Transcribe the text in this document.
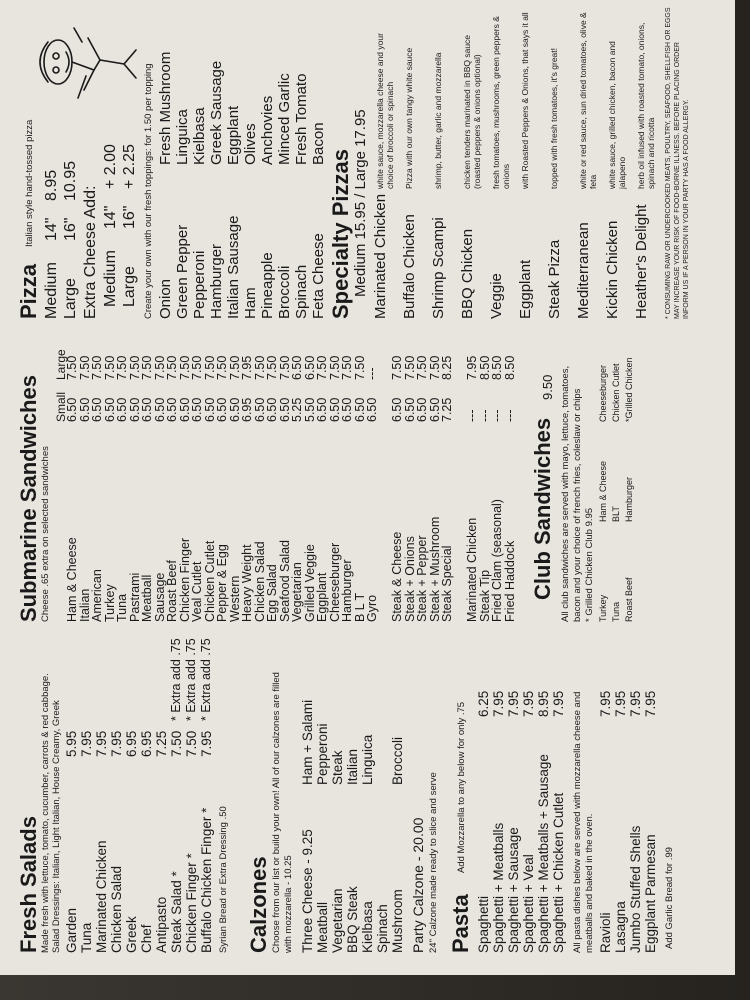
Fresh Salads Made fresh with lettuce, tomato, cucumber, carrots & red cabbage. Salad Dressings: Italian, Light Italian, House Creamy, Greek Garden
5.95
Tuna
7.95
Marinated Chicken
7.95
Chicken Salad
7.95
Greek
6.95
Chef
6.95
Antipasto
7.25
Steak Salad *
7.50
* Extra add .75
Chicken Finger *
7.50
* Extra add .75
Buffalo Chicken Finger *
7.95
* Extra add .75
Syrian Bread or Extra Dressing .50 Calzones Choose from our list or build your own! All of our calzones are filled with mozzarella - 10.25 Three Cheese - 9.25 Meatball Vegetarian BBQ Steak Kielbasa Spinach Mushroom
Ham + Salami Pepperoni Steak Italian Linguica Broccoli
Party Calzone - 20.00 24" Calzone made ready to slice and serve Pasta
Add Mozzarella to any below for only .75
Spaghetti
6.25
Spaghetti + Meatballs
7.95
Spaghetti + Sausage
7.95
Spaghetti + Veal
7.95
Spaghetti + Meatballs + Sausage
8.95
Spaghetti + Chicken Cutlet
7.95 All pasta dishes below are served with mozzarella cheese and meatballs and baked in the oven. Ravioli
7.95
Lasagna
7.95
Jumbo Stuffed Shells
7.95
Eggplant Parmesan
7.95
Add Garlic Bread for .99
Submarine Sandwiches Cheese .65 extra on selected sandwiches
Small
Large
Ham & Cheese
6.50
7.50
Italian
6.50
7.50
American
6.50
7.50
Turkey
6.50
7.50
Tuna
6.50
7.50
Pastrami
6.50
7.50
Meatball
6.50
7.50
Sausage
6.50
7.50
Roast Beef
6.50
7.50
Chicken Finger
6.50
7.50
Veal Cutlet
6.50
7.50
Chicken Cutlet
6.50
7.50
Pepper & Egg
6.50
7.50
Western
6.50
7.50
Heavy Weight
6.95
7.95
Chicken Salad
6.50
7.50
Egg Salad
6.50
7.50
Seafood Salad
6.50
7.50
Vegetarian
5.25
6.50
Grilled Veggie
5.50
6.50
Eggplant
6.50
7.50
Cheeseburger
6.50
7.50
Hamburger
6.50
7.50
B L T
6.50
7.50
Gyro
6.50
---
Steak & Cheese
6.50
7.50
Steak + Onions
6.50
7.50
Steak + Pepper
6.50
7.50
Steak + Mushroom
6.50
7.50
Steak Special
7.25
8.25
Marinated Chicken
---
7.95
Steak Tip
---
8.50
Fried Clam (seasonal)
---
8.50
Fried Haddock
---
8.50
Club Sandwiches
9.50 All club sandwiches are served with mayo, lettuce, tomatoes, bacon and your choice of french fries, coleslaw or chips * Grilled Chicken Club 9.95 Turkey Tuna Roast Beef
Ham & Cheese BLT Hamburger
Cheeseburger Chicken Cutlet *Grilled Chicken
Pizza
Italian style hand-tossed pizza
Medium
14"
8.95
Large
16"
10.95
Extra Cheese Add: Medium
14"
+ 2.00
Large
16"
+ 2.25 Create your own with our fresh toppings: for 1.50 per topping Onion Green Pepper Pepperoni Hamburger Italian Sausage Ham Pineapple Broccoli Spinach Feta Cheese
Fresh Mushroom Linguica Kielbasa Greek Sausage Eggplant Olives Anchovies Minced Garlic Fresh Tomato Bacon
Specialty Pizzas Medium 15.95 / Large 17.95 Marinated Chicken
white sauce, mozzarella cheese and your choice of broccoli or spinach
Buffalo Chicken
Pizza with our own tangy white sauce
Shrimp Scampi
shrimp, butter, garlic and mozzarella
BBQ Chicken
chicken tenders marinated in BBQ sauce (roasted peppers & onions optional)
Veggie
fresh tomatoes, mushrooms, green peppers & onions
Eggplant
with Roasted Peppers & Onions, that says it all
Steak Pizza
topped with fresh tomatoes, it's great!
Mediterranean
white or red sauce, sun dried tomatoes, olive & feta
Kickin Chicken
white sauce, grilled chicken, bacon and jalapeno
Heather's Delight
herb oil infused with roasted tomato, onions, spinach and ricotta * CONSUMING RAW OR UNDERCOOKED MEATS, POULTRY, SEAFOOD, SHELLFISH OR EGGS MAY INCREASE YOUR RISK OF FOOD-BORNE ILLNESS. BEFORE PLACING ORDER INFORM US IF A PERSON IN YOUR PARTY HAS A FOOD ALLERGY.
